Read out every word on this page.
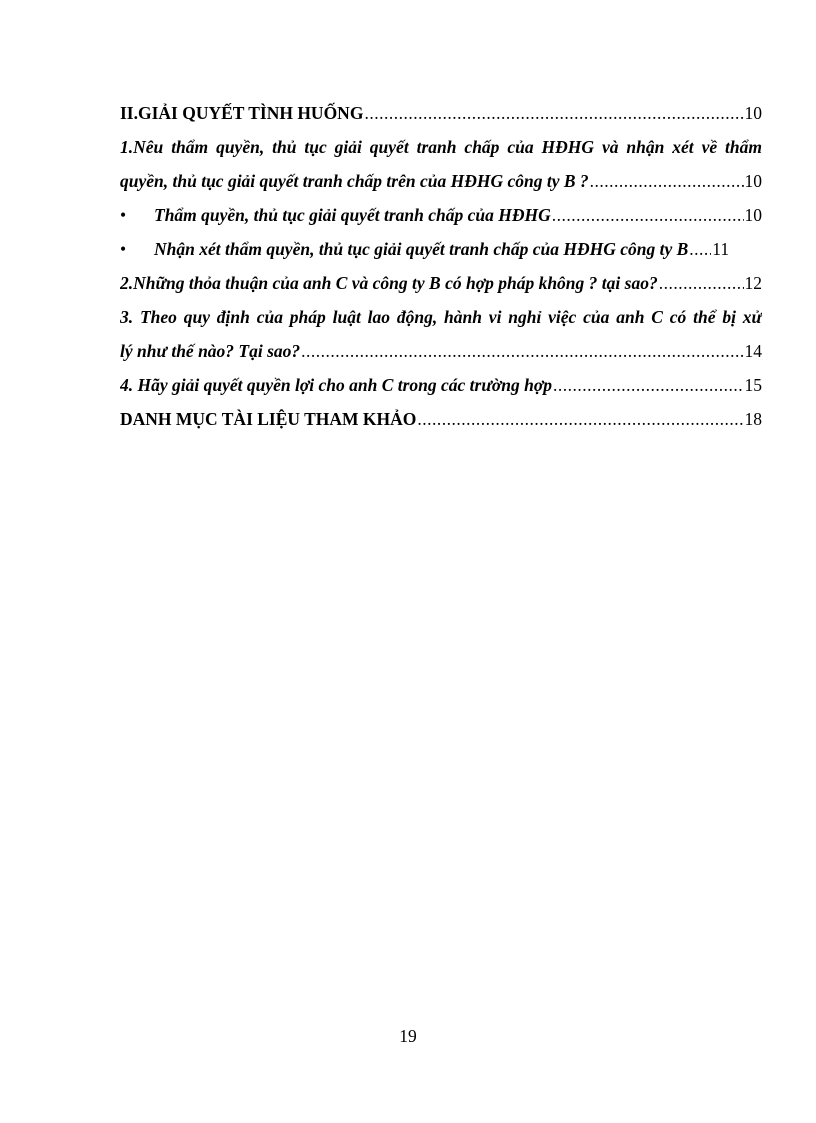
II.GIẢI QUYẾT TÌNH HUỐNG .....	10
1.Nêu thẩm quyền, thủ tục giải quyết tranh chấp của HĐHG và nhận xét về thẩm
quyền, thủ tục giải quyết tranh chấp trên của HĐHG công ty B ? .....	10
•	Thẩm quyền, thủ tục giải quyết tranh chấp của HĐHG .....	10
•	Nhận xét thẩm quyền, thủ tục giải quyết tranh chấp của HĐHG công ty B ..... 11
2.Những thỏa thuận của anh C và công ty B có hợp pháp không ? tại sao? .....	12
3. Theo quy định của pháp luật lao động, hành vi nghỉ việc của anh C có thể bị xử
lý như thế nào? Tại sao? .....	14
4. Hãy giải quyết quyền lợi cho anh C trong các trường hợp .....	15
DANH MỤC TÀI LIỆU THAM KHẢO .....	18
19
